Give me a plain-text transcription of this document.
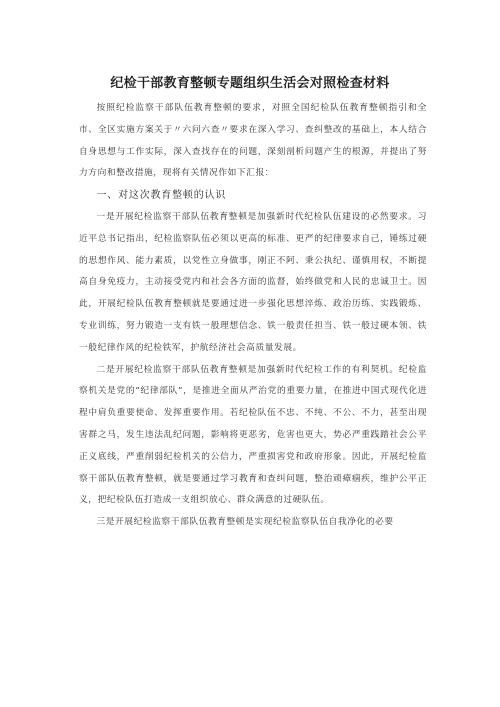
纪检干部教育整顿专题组织生活会对照检查材料

按照纪检监察干部队伍教育整顿的要求，对照全国纪检队伍教育整顿指引和全市、全区实施方案关于〃六问六查〃要求在深入学习、查纠整改的基础上，本人结合自身思想与工作实际，深入查找存在的问题，深刻剖析问题产生的根源，并提出了努力方向和整改措施，现将有关情况作如下汇报：

一、对这次教育整顿的认识

一是开展纪检监察干部队伍教育整顿是加强新时代纪检队伍建设的必然要求。习近平总书记指出，纪检监察队伍必须以更高的标准、更严的纪律要求自己，锤练过硬的思想作风、能力素质，以党性立身做事，刚正不阿、秉公执纪、谨慎用权，不断提高自身免疫力，主动接受党内和社会各方面的监督，始终做党和人民的忠诚卫士。因此，开展纪检队伍教育整顿就是要通过进一步强化思想淬炼、政治历练、实践锻炼、专业训练，努力锻造一支有铁一般理想信念、铁一般责任担当、铁一般过硬本领、铁一般纪律作风的纪检铁军，护航经济社会高质量发展。

二是开展纪检监察干部队伍教育整顿是加强新时代纪检工作的有利契机。纪检监察机关是党的“纪律部队”，是推进全面从严治党的重要力量，在推进中国式现代化进程中肩负重要使命、发挥重要作用。若纪检队伍不忠、不纯、不公、不力，甚至出现害群之马，发生违法乱纪问题，影响将更恶劣，危害也更大，势必严重践踏社会公平正义底线，严重削弱纪检机关的公信力，严重损害党和政府形象。因此，开展纪检监察干部队伍教育整顿，就是要通过学习教育和查纠问题，整治顽瘴痼疾，维护公平正义，把纪检队伍打造成一支组织放心、群众满意的过硬队伍。

三是开展纪检监察干部队伍教育整顿是实现纪检监察队伍自我净化的必要
